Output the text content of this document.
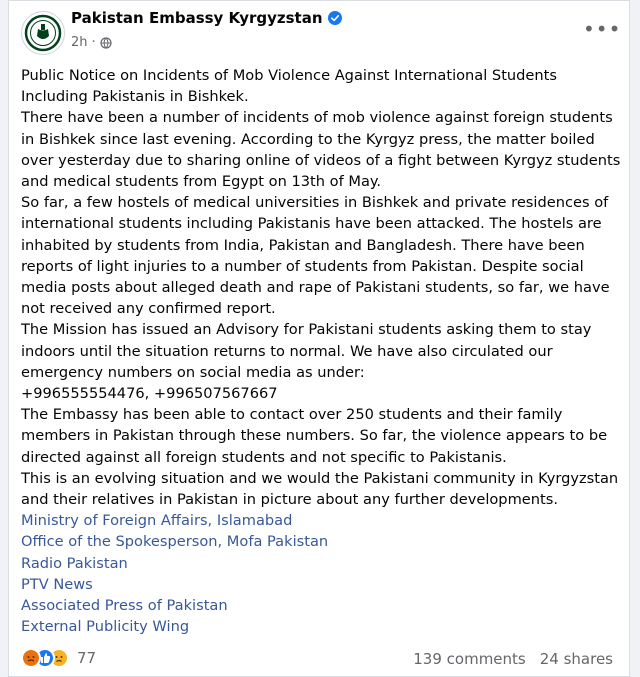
Pakistan Embassy Kyrgyzstan
2h ·
•••

Public Notice on Incidents of Mob Violence Against International Students Including Pakistanis in Bishkek.

There have been a number of incidents of mob violence against foreign students in Bishkek since last evening. According to the Kyrgyz press, the matter boiled over yesterday due to sharing online of videos of a fight between Kyrgyz students and medical students from Egypt on 13th of May.

So far, a few hostels of medical universities in Bishkek and private residences of international students including Pakistanis have been attacked. The hostels are inhabited by students from India, Pakistan and Bangladesh. There have been reports of light injuries to a number of students from Pakistan. Despite social media posts about alleged death and rape of Pakistani students, so far, we have not received any confirmed report.

The Mission has issued an Advisory for Pakistani students asking them to stay indoors until the situation returns to normal. We have also circulated our emergency numbers on social media as under:

+996555554476, +996507567667

The Embassy has been able to contact over 250 students and their family members in Pakistan through these numbers. So far, the violence appears to be directed against all foreign students and not specific to Pakistanis.

This is an evolving situation and we would the Pakistani community in Kyrgyzstan and their relatives in Pakistan in picture about any further developments.

Ministry of Foreign Affairs, Islamabad

Office of the Spokesperson, Mofa Pakistan

Radio Pakistan

PTV News

Associated Press of Pakistan

External Publicity Wing

77	139 comments 24 shares
